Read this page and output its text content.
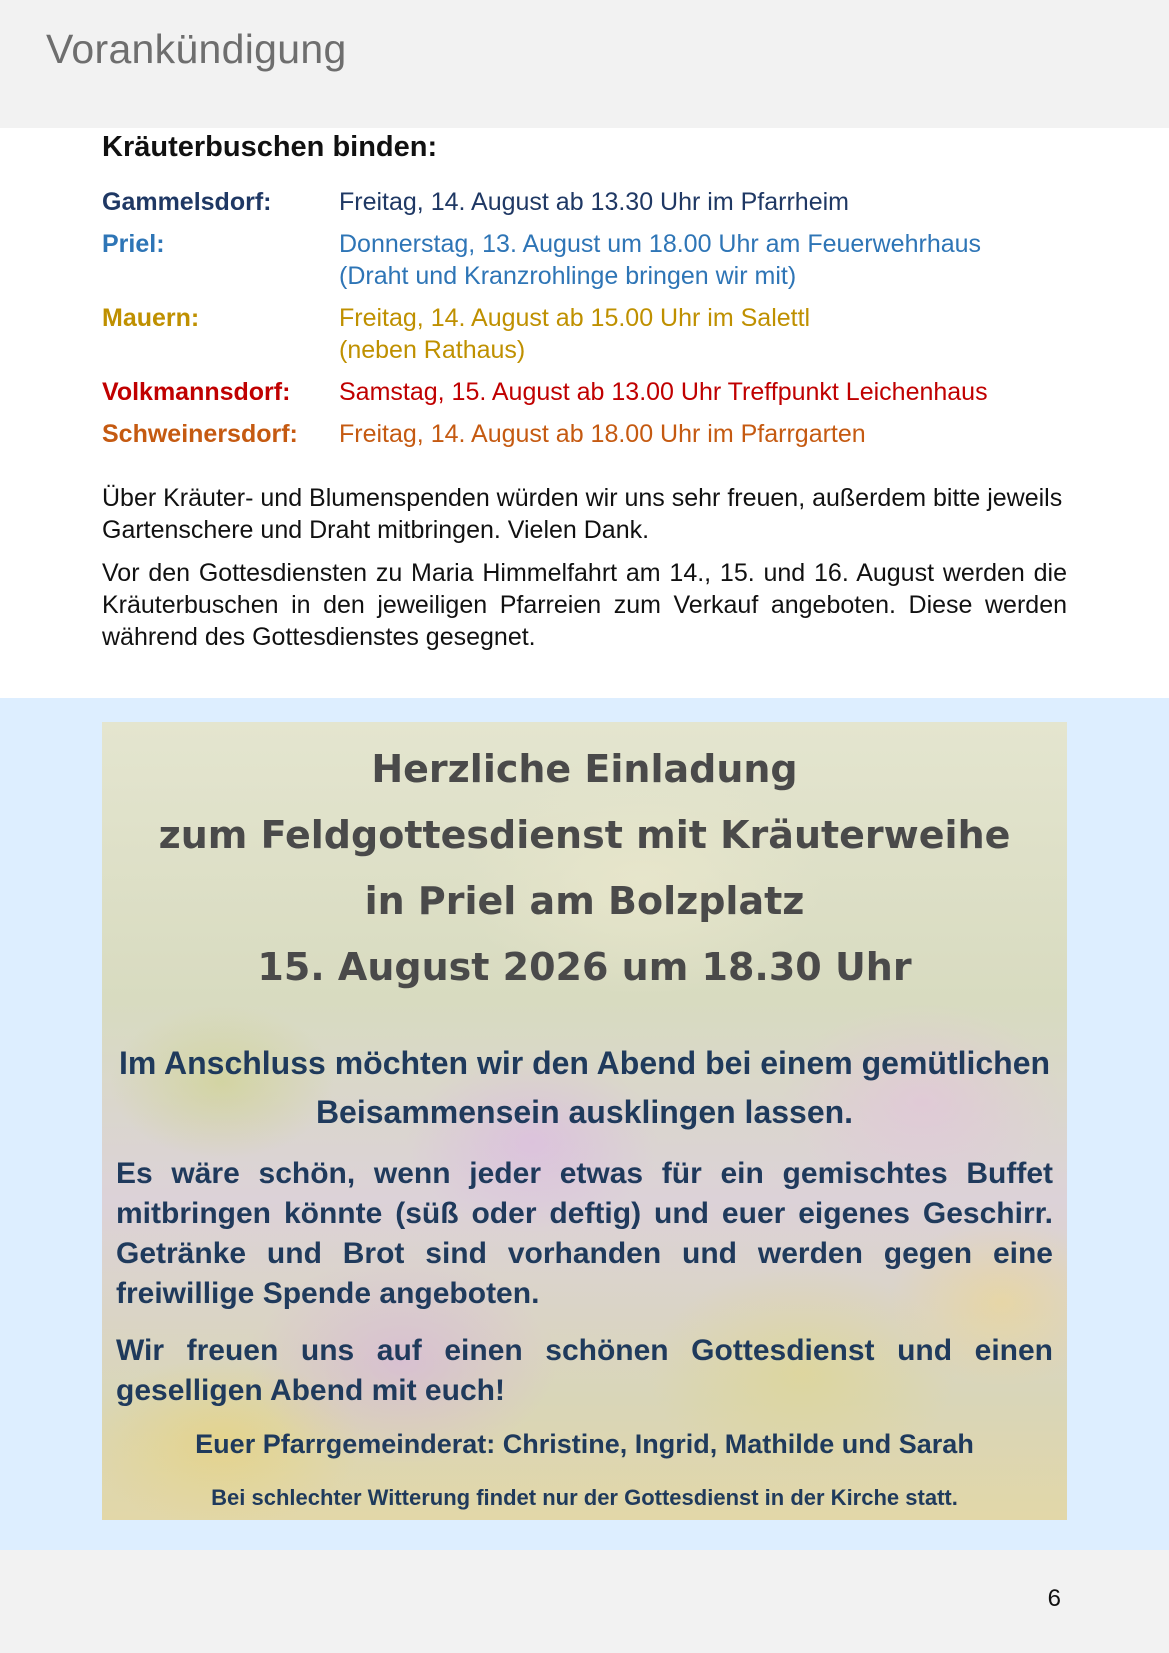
Vorankündigung
Kräuterbuschen binden:
Gammelsdorf:	Freitag, 14. August ab 13.30 Uhr im Pfarrheim
Priel:	Donnerstag, 13. August um 18.00 Uhr am Feuerwehrhaus
(Draht und Kranzrohlinge bringen wir mit)
Mauern:	Freitag, 14. August ab 15.00 Uhr im Salettl
(neben Rathaus)
Volkmannsdorf:	Samstag, 15. August ab 13.00 Uhr Treffpunkt Leichenhaus
Schweinersdorf:	Freitag, 14. August ab 18.00 Uhr im Pfarrgarten
Über Kräuter- und Blumenspenden würden wir uns sehr freuen, außerdem bitte jeweils Gartenschere und Draht mitbringen. Vielen Dank.
Vor den Gottesdiensten zu Maria Himmelfahrt am 14., 15. und 16. August werden die Kräuterbuschen in den jeweiligen Pfarreien zum Verkauf angeboten. Diese werden während des Gottesdienstes gesegnet.
Herzliche Einladung
zum Feldgottesdienst mit Kräuterweihe
in Priel am Bolzplatz
15. August 2026 um 18.30 Uhr
Im Anschluss möchten wir den Abend bei einem gemütlichen Beisammensein ausklingen lassen.
Es wäre schön, wenn jeder etwas für ein gemischtes Buffet mitbringen könnte (süß oder deftig) und euer eigenes Geschirr. Getränke und Brot sind vorhanden und werden gegen eine freiwillige Spende angeboten.
Wir freuen uns auf einen schönen Gottesdienst und einen geselligen Abend mit euch!
Euer Pfarrgemeinderat: Christine, Ingrid, Mathilde und Sarah
Bei schlechter Witterung findet nur der Gottesdienst in der Kirche statt.
6
